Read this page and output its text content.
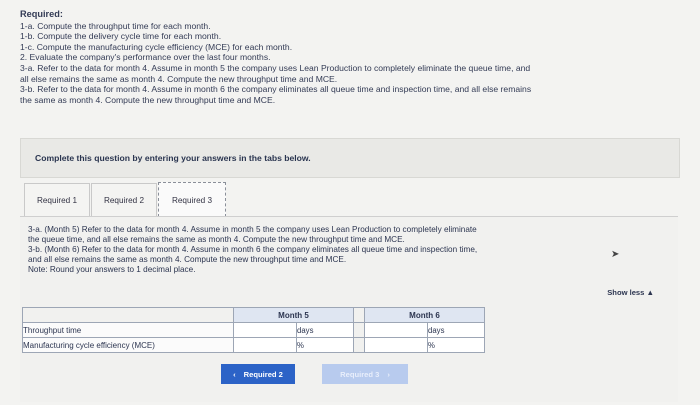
Required:
1-a. Compute the throughput time for each month.
1-b. Compute the delivery cycle time for each month.
1-c. Compute the manufacturing cycle efficiency (MCE) for each month.
2. Evaluate the company's performance over the last four months.
3-a. Refer to the data for month 4. Assume in month 5 the company uses Lean Production to completely eliminate the queue time, and
all else remains the same as month 4. Compute the new throughput time and MCE.
3-b. Refer to the data for month 4. Assume in month 6 the company eliminates all queue time and inspection time, and all else remains
the same as month 4. Compute the new throughput time and MCE.
Complete this question by entering your answers in the tabs below.
Required 1	Required 2	Required 3
3-a. (Month 5) Refer to the data for month 4. Assume in month 5 the company uses Lean Production to completely eliminate
the queue time, and all else remains the same as month 4. Compute the new throughput time and MCE.
3-b. (Month 6) Refer to the data for month 4. Assume in month 6 the company eliminates all queue time and inspection time,
and all else remains the same as month 4. Compute the new throughput time and MCE.
Note: Round your answers to 1 decimal place.
➤
Show less ▲
	Month 5			Month 6	
Throughput time		days			days
Manufacturing cycle efficiency (MCE)		%			%
‹ Required 2	Required 3 ›
